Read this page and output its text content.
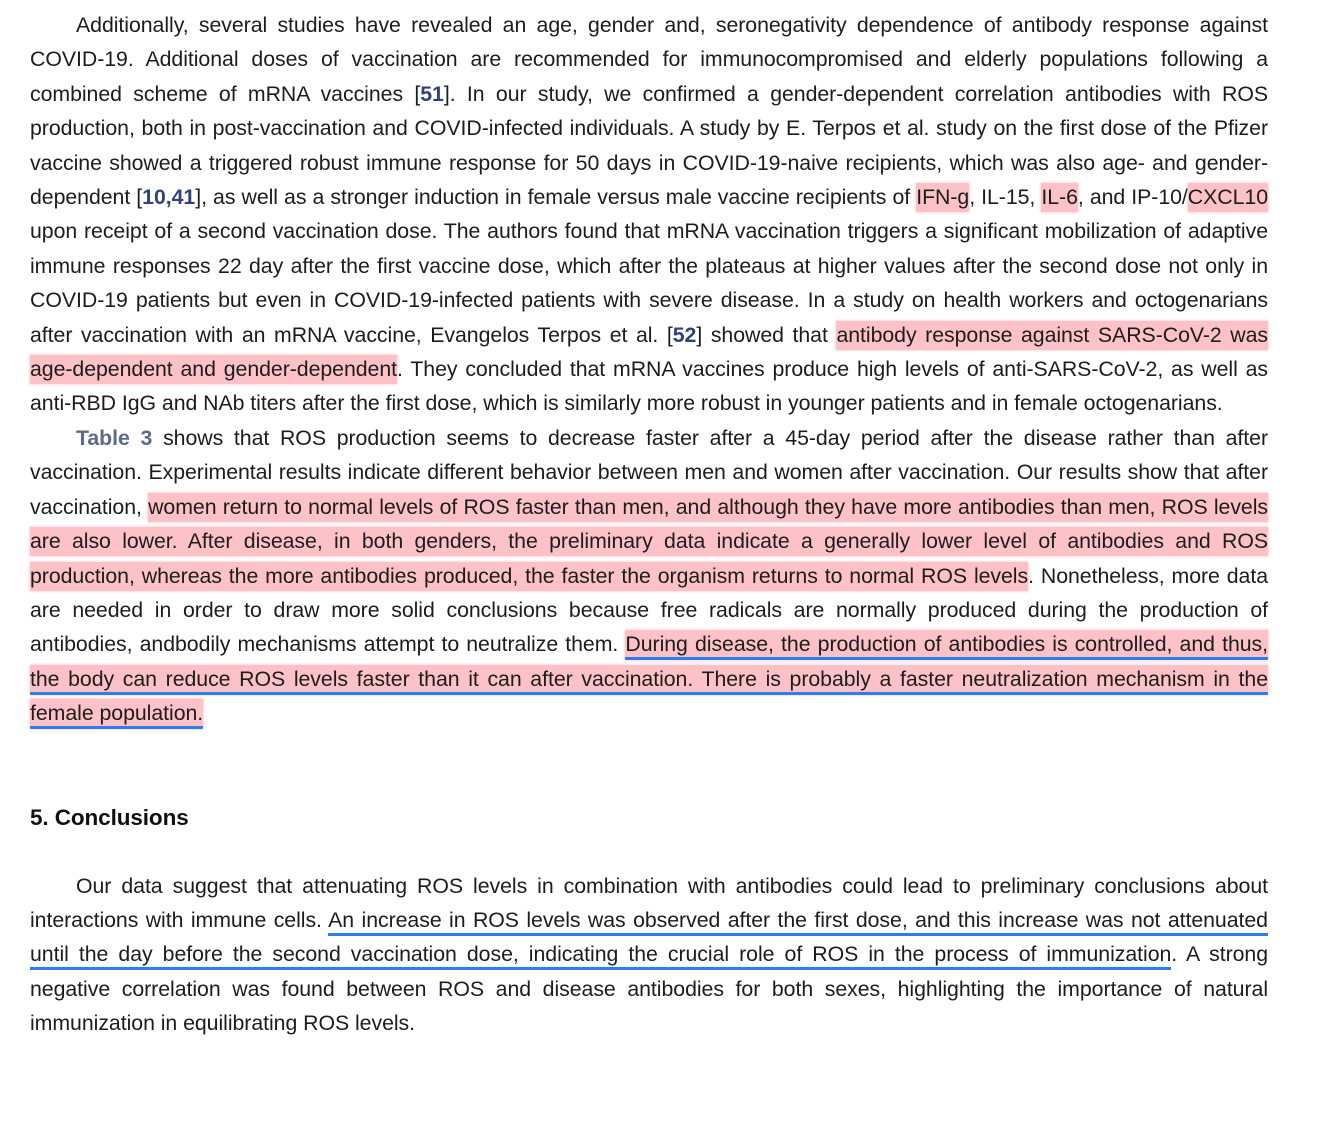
Additionally, several studies have revealed an age, gender and, seronegativity dependence of antibody response against COVID-19. Additional doses of vaccination are recommended for immunocompromised and elderly populations following a combined scheme of mRNA vaccines [51]. In our study, we confirmed a gender-dependent correlation antibodies with ROS production, both in post-vaccination and COVID-infected individuals. A study by E. Terpos et al. study on the first dose of the Pfizer vaccine showed a triggered robust immune response for 50 days in COVID-19-naive recipients, which was also age- and gender-dependent [10,41], as well as a stronger induction in female versus male vaccine recipients of IFN-g, IL-15, IL-6, and IP-10/CXCL10 upon receipt of a second vaccination dose. The authors found that mRNA vaccination triggers a significant mobilization of adaptive immune responses 22 day after the first vaccine dose, which after the plateaus at higher values after the second dose not only in COVID-19 patients but even in COVID-19-infected patients with severe disease. In a study on health workers and octogenarians after vaccination with an mRNA vaccine, Evangelos Terpos et al. [52] showed that antibody response against SARS-CoV-2 was age-dependent and gender-dependent. They concluded that mRNA vaccines produce high levels of anti-SARS-CoV-2, as well as anti-RBD IgG and NAb titers after the first dose, which is similarly more robust in younger patients and in female octogenarians.

Table 3 shows that ROS production seems to decrease faster after a 45-day period after the disease rather than after vaccination. Experimental results indicate different behavior between men and women after vaccination. Our results show that after vaccination, women return to normal levels of ROS faster than men, and although they have more antibodies than men, ROS levels are also lower. After disease, in both genders, the preliminary data indicate a generally lower level of antibodies and ROS production, whereas the more antibodies produced, the faster the organism returns to normal ROS levels. Nonetheless, more data are needed in order to draw more solid conclusions because free radicals are normally produced during the production of antibodies, andbodily mechanisms attempt to neutralize them. During disease, the production of antibodies is controlled, and thus, the body can reduce ROS levels faster than it can after vaccination. There is probably a faster neutralization mechanism in the female population.

5. Conclusions

Our data suggest that attenuating ROS levels in combination with antibodies could lead to preliminary conclusions about interactions with immune cells. An increase in ROS levels was observed after the first dose, and this increase was not attenuated until the day before the second vaccination dose, indicating the crucial role of ROS in the process of immunization. A strong negative correlation was found between ROS and disease antibodies for both sexes, highlighting the importance of natural immunization in equilibrating ROS levels.
